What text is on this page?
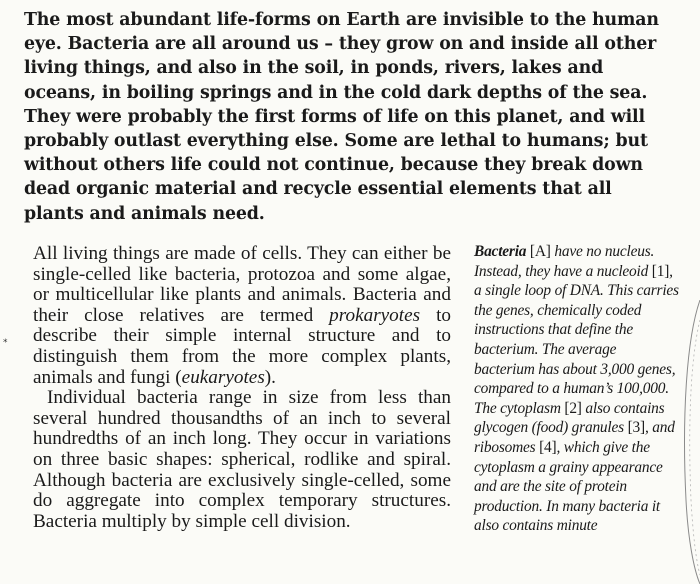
The most abundant life-forms on Earth are invisible to the human eye. Bacteria are all around us – they grow on and inside all other living things, and also in the soil, in ponds, rivers, lakes and oceans, in boiling springs and in the cold dark depths of the sea. They were probably the first forms of life on this planet, and will probably outlast everything else. Some are lethal to humans; but without others life could not continue, because they break down dead organic material and recycle essential elements that all plants and animals need.

All living things are made of cells. They can either be single-celled like bacteria, protozoa and some algae, or multicellular like plants and animals. Bacteria and their close relatives are termed prokaryotes to describe their simple internal structure and to distinguish them from the more complex plants, animals and fungi (eukaryotes).

Individual bacteria range in size from less than several hundred thousandths of an inch to several hundredths of an inch long. They occur in variations on three basic shapes: spherical, rodlike and spiral. Although bacteria are exclusively single-celled, some do aggregate into complex temporary structures. Bacteria multiply by simple cell division.

Bacteria [A] have no nucleus. Instead, they have a nucleoid [1], a single loop of DNA. This carries the genes, chemically coded instructions that define the bacterium. The average bacterium has about 3,000 genes, compared to a human’s 100,000. The cytoplasm [2] also contains glycogen (food) granules [3], and ribosomes [4], which give the cytoplasm a grainy appearance and are the site of protein production. In many bacteria it also contains minute

*
